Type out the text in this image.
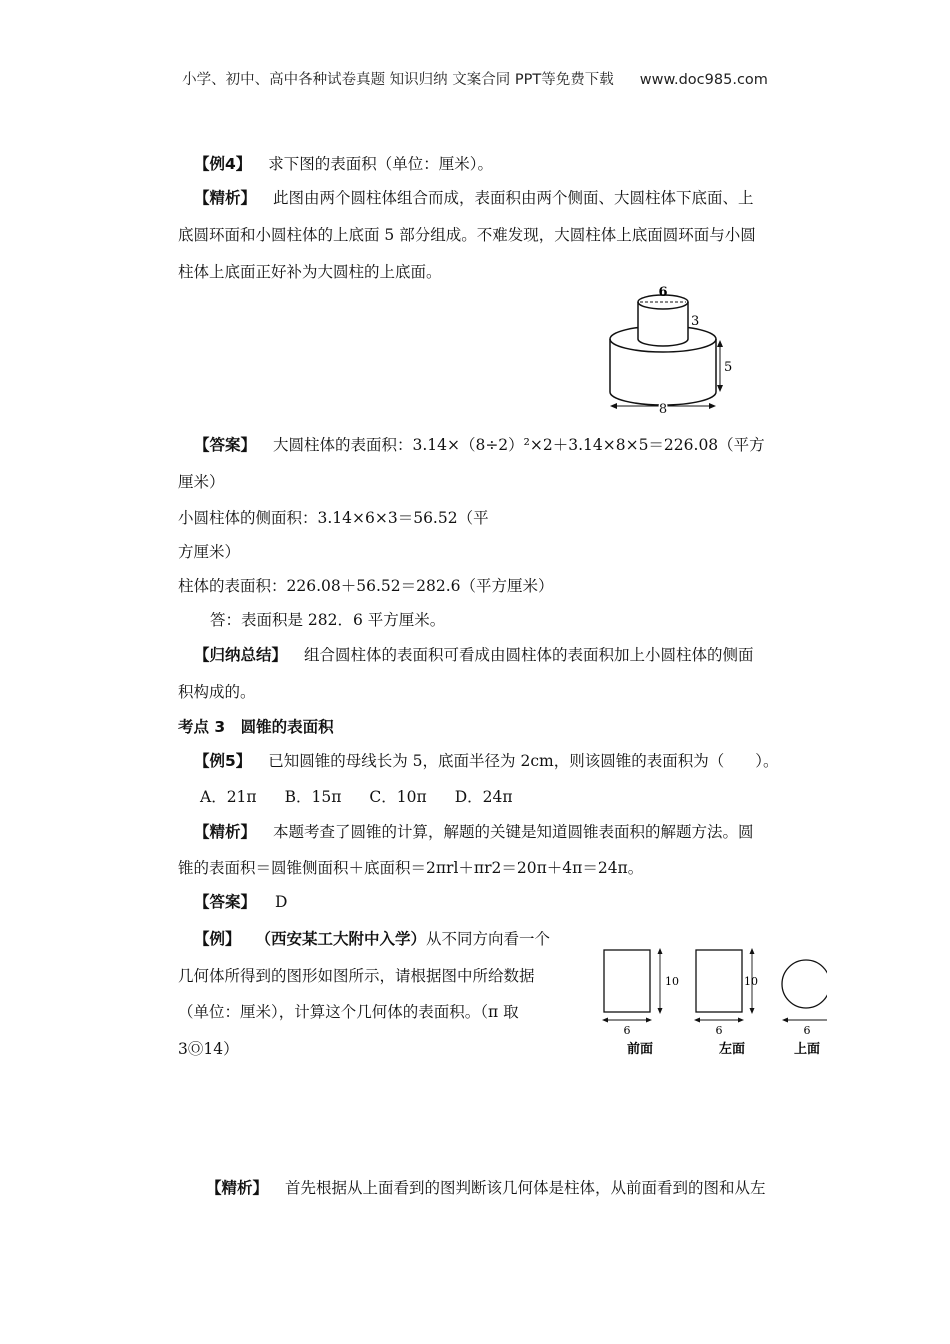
小学、初中、高中各种试卷真题 知识归纳 文案合同 PPT等免费下载 www.doc985.com

【例4】 求下图的表面积（单位：厘米）。

【精析】 此图由两个圆柱体组合而成，表面积由两个侧面、大圆柱体下底面、上

底圆环面和小圆柱体的上底面 5 部分组成。不难发现，大圆柱体上底面圆环面与小圆

柱体上底面正好补为大圆柱的上底面。

6
3
5
8

【答案】 大圆柱体的表面积：3.14×（8÷2）²×2＋3.14×8×5＝226.08（平方

厘米）

小圆柱体的侧面积：3.14×6×3＝56.52（平

方厘米）

柱体的表面积：226.08＋56.52＝282.6（平方厘米）

答：表面积是 282．6 平方厘米。

【归纳总结】 组合圆柱体的表面积可看成由圆柱体的表面积加上小圆柱体的侧面

积构成的。

考点 3　圆锥的表面积

【例5】 已知圆锥的母线长为 5，底面半径为 2cm，则该圆锥的表面积为（　　）。

A．21π B．15π C．10π D．24π

【精析】 本题考查了圆锥的计算，解题的关键是知道圆锥表面积的解题方法。圆

锥的表面积＝圆锥侧面积＋底面积＝2πrl＋πr2＝20π＋4π＝24π。

【答案】 D

【例】 （西安某工大附中入学）从不同方向看一个

几何体所得到的图形如图所示，请根据图中所给数据

（单位：厘米），计算这个几何体的表面积。（π 取

3Ⓞ14）

10
6
前面
10
6
左面
6
上面

【精析】 首先根据从上面看到的图判断该几何体是柱体，从前面看到的图和从左
